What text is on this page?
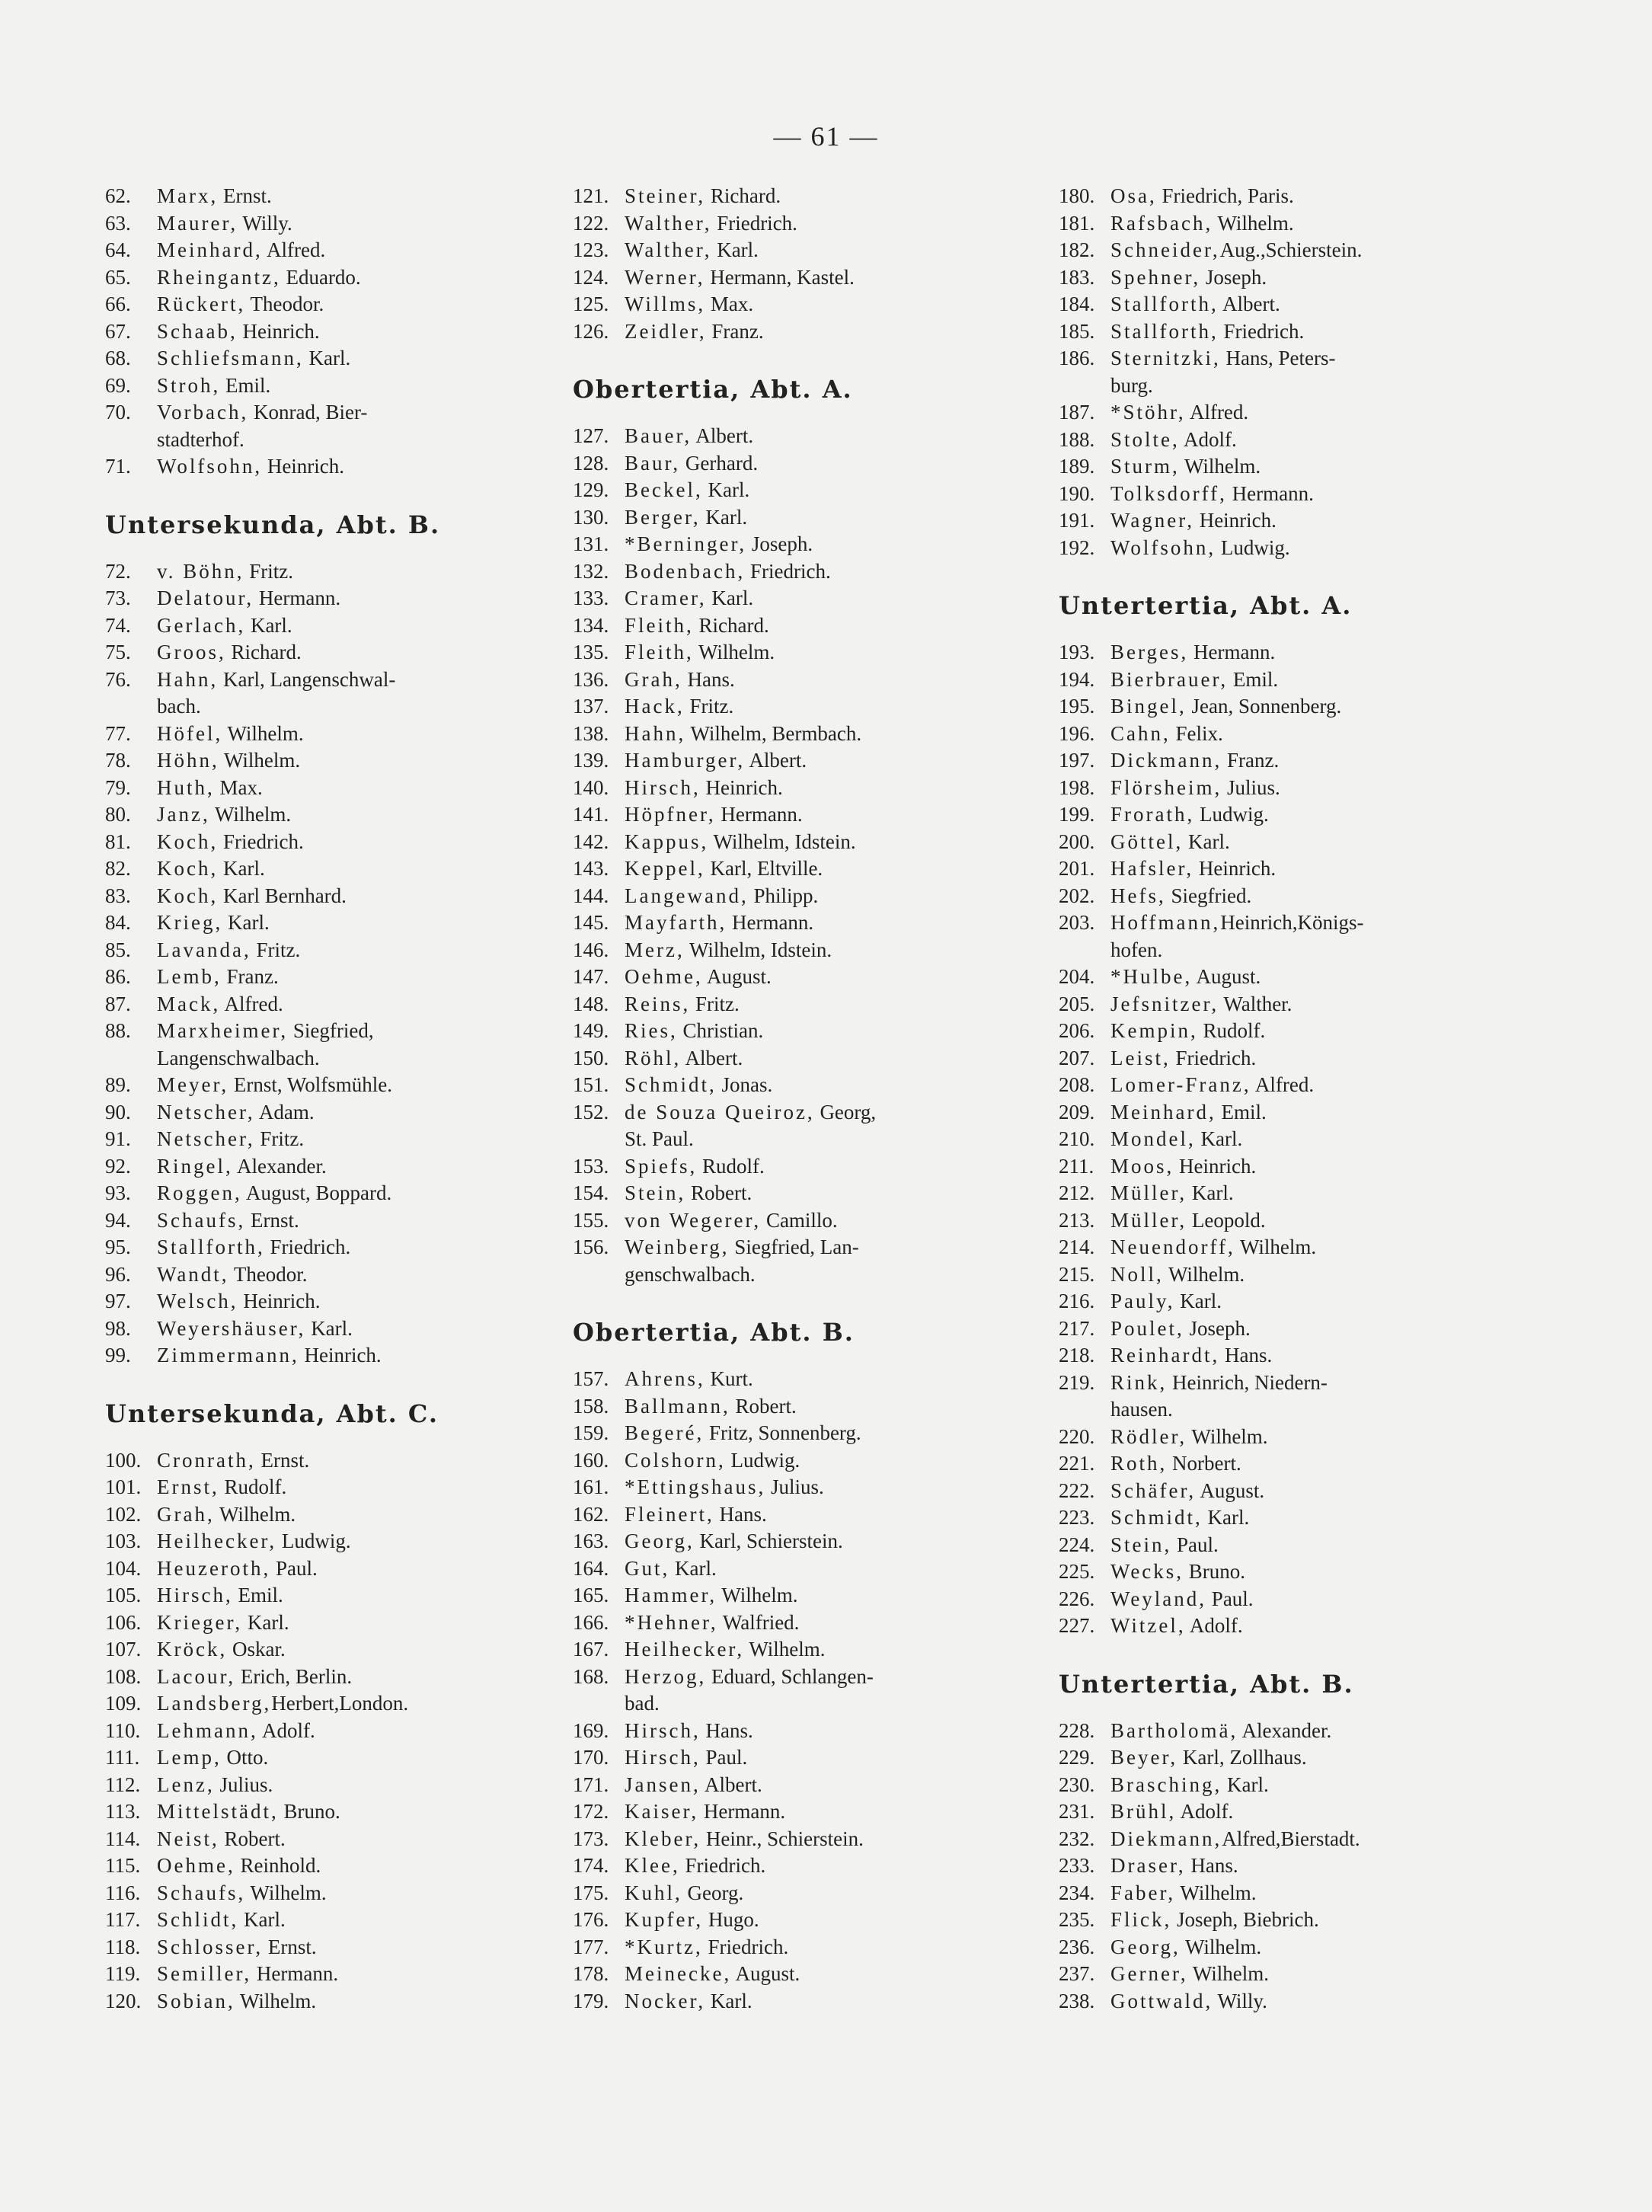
— 61 —
62.	Marx, Ernst.
63.	Maurer, Willy.
64.	Meinhard, Alfred.
65.	Rheingantz, Eduardo.
66.	Rückert, Theodor.
67.	Schaab, Heinrich.
68.	Schliefsmann, Karl.
69.	Stroh, Emil.
70.	Vorbach, Konrad, Bier-
stadterhof.
71.	Wolfsohn, Heinrich.
Untersekunda, Abt. B.
72.	v. Böhn, Fritz.
73.	Delatour, Hermann.
74.	Gerlach, Karl.
75.	Groos, Richard.
76.	Hahn, Karl, Langenschwal-
bach.
77.	Höfel, Wilhelm.
78.	Höhn, Wilhelm.
79.	Huth, Max.
80.	Janz, Wilhelm.
81.	Koch, Friedrich.
82.	Koch, Karl.
83.	Koch, Karl Bernhard.
84.	Krieg, Karl.
85.	Lavanda, Fritz.
86.	Lemb, Franz.
87.	Mack, Alfred.
88.	Marxheimer, Siegfried,
Langenschwalbach.
89.	Meyer, Ernst, Wolfsmühle.
90.	Netscher, Adam.
91.	Netscher, Fritz.
92.	Ringel, Alexander.
93.	Roggen, August, Boppard.
94.	Schaufs, Ernst.
95.	Stallforth, Friedrich.
96.	Wandt, Theodor.
97.	Welsch, Heinrich.
98.	Weyershäuser, Karl.
99.	Zimmermann, Heinrich.
Untersekunda, Abt. C.
100. Cronrath, Ernst.
101. Ernst, Rudolf.
102. Grah, Wilhelm.
103. Heilhecker, Ludwig.
104. Heuzeroth, Paul.
105. Hirsch, Emil.
106. Krieger, Karl.
107. Kröck, Oskar.
108. Lacour, Erich, Berlin.
109. Landsberg,Herbert,London.
110. Lehmann, Adolf.
111. Lemp, Otto.
112. Lenz, Julius.
113. Mittelstädt, Bruno.
114. Neist, Robert.
115. Oehme, Reinhold.
116. Schaufs, Wilhelm.
117. Schlidt, Karl.
118. Schlosser, Ernst.
119. Semiller, Hermann.
120. Sobian, Wilhelm.
121. Steiner, Richard.
122. Walther, Friedrich.
123. Walther, Karl.
124. Werner, Hermann, Kastel.
125. Willms, Max.
126. Zeidler, Franz.
Obertertia, Abt. A.
127. Bauer, Albert.
128. Baur, Gerhard.
129. Beckel, Karl.
130. Berger, Karl.
131. *Berninger, Joseph.
132. Bodenbach, Friedrich.
133. Cramer, Karl.
134. Fleith, Richard.
135. Fleith, Wilhelm.
136. Grah, Hans.
137. Hack, Fritz.
138. Hahn, Wilhelm, Bermbach.
139. Hamburger, Albert.
140. Hirsch, Heinrich.
141. Höpfner, Hermann.
142. Kappus, Wilhelm, Idstein.
143. Keppel, Karl, Eltville.
144. Langewand, Philipp.
145. Mayfarth, Hermann.
146. Merz, Wilhelm, Idstein.
147. Oehme, August.
148. Reins, Fritz.
149. Ries, Christian.
150. Röhl, Albert.
151. Schmidt, Jonas.
152. de Souza Queiroz, Georg,
St. Paul.
153. Spiefs, Rudolf.
154. Stein, Robert.
155. von Wegerer, Camillo.
156. Weinberg, Siegfried, Lan-
genschwalbach.
Obertertia, Abt. B.
157. Ahrens, Kurt.
158. Ballmann, Robert.
159. Begeré, Fritz, Sonnenberg.
160. Colshorn, Ludwig.
161. *Ettingshaus, Julius.
162. Fleinert, Hans.
163. Georg, Karl, Schierstein.
164. Gut, Karl.
165. Hammer, Wilhelm.
166. *Hehner, Walfried.
167. Heilhecker, Wilhelm.
168. Herzog, Eduard, Schlangen-
bad.
169. Hirsch, Hans.
170. Hirsch, Paul.
171. Jansen, Albert.
172. Kaiser, Hermann.
173. Kleber, Heinr., Schierstein.
174. Klee, Friedrich.
175. Kuhl, Georg.
176. Kupfer, Hugo.
177. *Kurtz, Friedrich.
178. Meinecke, August.
179. Nocker, Karl.
180. Osa, Friedrich, Paris.
181. Rafsbach, Wilhelm.
182. Schneider,Aug.,Schierstein.
183. Spehner, Joseph.
184. Stallforth, Albert.
185. Stallforth, Friedrich.
186. Sternitzki, Hans, Peters-
burg.
187. *Stöhr, Alfred.
188. Stolte, Adolf.
189. Sturm, Wilhelm.
190. Tolksdorff, Hermann.
191. Wagner, Heinrich.
192. Wolfsohn, Ludwig.
Untertertia, Abt. A.
193. Berges, Hermann.
194. Bierbrauer, Emil.
195. Bingel, Jean, Sonnenberg.
196. Cahn, Felix.
197. Dickmann, Franz.
198. Flörsheim, Julius.
199. Frorath, Ludwig.
200. Göttel, Karl.
201. Hafsler, Heinrich.
202. Hefs, Siegfried.
203. Hoffmann,Heinrich,Königs-
hofen.
204. *Hulbe, August.
205. Jefsnitzer, Walther.
206. Kempin, Rudolf.
207. Leist, Friedrich.
208. Lomer-Franz, Alfred.
209. Meinhard, Emil.
210. Mondel, Karl.
211. Moos, Heinrich.
212. Müller, Karl.
213. Müller, Leopold.
214. Neuendorff, Wilhelm.
215. Noll, Wilhelm.
216. Pauly, Karl.
217. Poulet, Joseph.
218. Reinhardt, Hans.
219. Rink, Heinrich, Niedern-
hausen.
220. Rödler, Wilhelm.
221. Roth, Norbert.
222. Schäfer, August.
223. Schmidt, Karl.
224. Stein, Paul.
225. Wecks, Bruno.
226. Weyland, Paul.
227. Witzel, Adolf.
Untertertia, Abt. B.
228. Bartholomä, Alexander.
229. Beyer, Karl, Zollhaus.
230. Brasching, Karl.
231. Brühl, Adolf.
232. Diekmann,Alfred,Bierstadt.
233. Draser, Hans.
234. Faber, Wilhelm.
235. Flick, Joseph, Biebrich.
236. Georg, Wilhelm.
237. Gerner, Wilhelm.
238. Gottwald, Willy.
